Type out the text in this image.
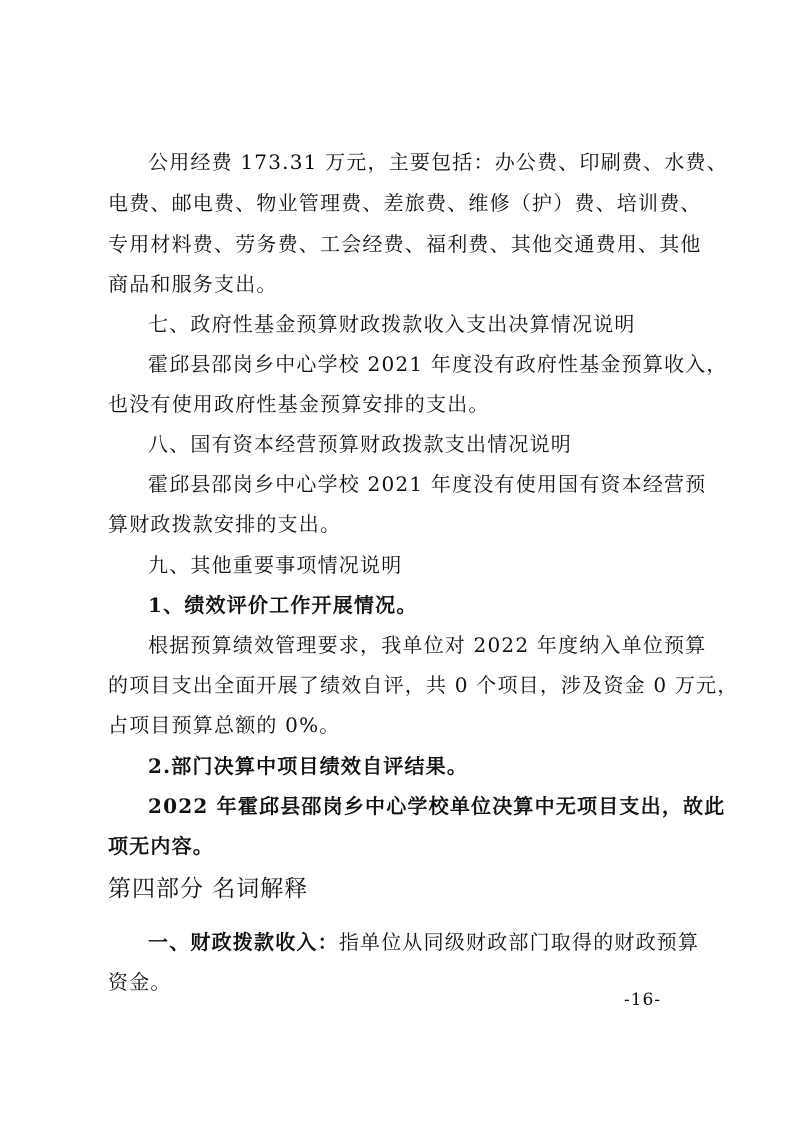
公用经费 173.31 万元，主要包括：办公费、印刷费、水费、
电费、邮电费、物业管理费、差旅费、维修（护）费、培训费、
专用材料费、劳务费、工会经费、福利费、其他交通费用、其他
商品和服务支出。
七、政府性基金预算财政拨款收入支出决算情况说明
霍邱县邵岗乡中心学校 2021 年度没有政府性基金预算收入，
也没有使用政府性基金预算安排的支出。
八、国有资本经营预算财政拨款支出情况说明
霍邱县邵岗乡中心学校 2021 年度没有使用国有资本经营预
算财政拨款安排的支出。
九、其他重要事项情况说明
1、绩效评价工作开展情况。
根据预算绩效管理要求，我单位对 2022 年度纳入单位预算
的项目支出全面开展了绩效自评，共 0 个项目，涉及资金 0 万元，
占项目预算总额的 0%。
2.部门决算中项目绩效自评结果。
2022 年霍邱县邵岗乡中心学校单位决算中无项目支出，故此
项无内容。
第四部分 名词解释
一、财政拨款收入：指单位从同级财政部门取得的财政预算
资金。
-16-
